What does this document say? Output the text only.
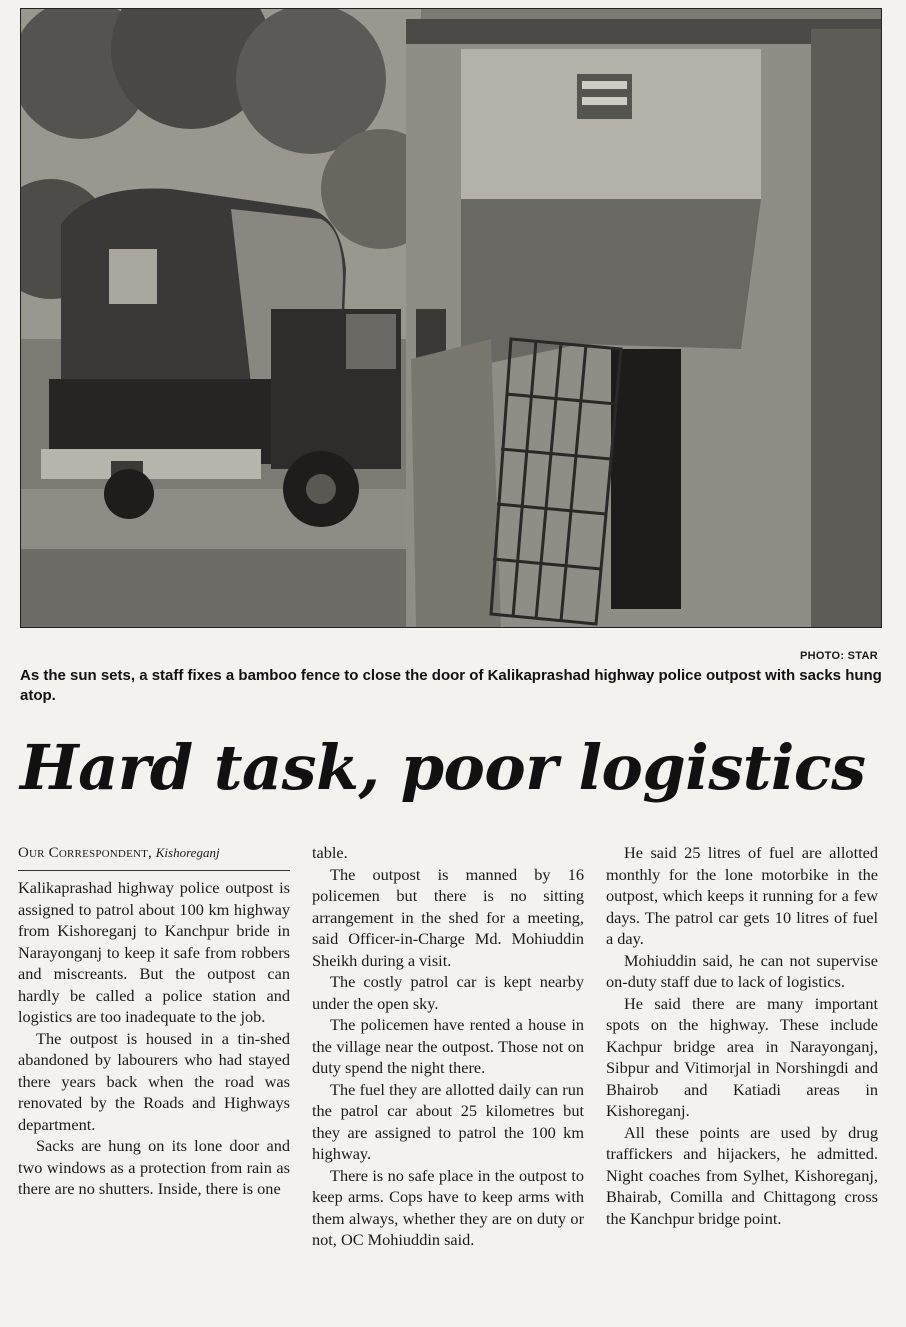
PHOTO: STAR
As the sun sets, a staff fixes a bamboo fence to close the door of Kalikaprashad highway police outpost with sacks hung atop.
Hard task, poor logistics
Our Correspondent, Kishoreganj

Kalikaprashad highway police outpost is assigned to patrol about 100 km highway from Kishoreganj to Kanchpur bride in Narayonganj to keep it safe from robbers and miscreants. But the outpost can hardly be called a police station and logistics are too inadequate to the job.

The outpost is housed in a tin-shed abandoned by labourers who had stayed there years back when the road was renovated by the Roads and Highways department.

Sacks are hung on its lone door and two windows as a protection from rain as there are no shutters. Inside, there is one

table.

The outpost is manned by 16 policemen but there is no sitting arrangement in the shed for a meeting, said Officer-in-Charge Md. Mohiuddin Sheikh during a visit.

The costly patrol car is kept nearby under the open sky.

The policemen have rented a house in the village near the outpost. Those not on duty spend the night there.

The fuel they are allotted daily can run the patrol car about 25 kilometres but they are assigned to patrol the 100 km highway.

There is no safe place in the outpost to keep arms. Cops have to keep arms with them always, whether they are on duty or not, OC Mohiuddin said.

He said 25 litres of fuel are allotted monthly for the lone motorbike in the outpost, which keeps it running for a few days. The patrol car gets 10 litres of fuel a day.

Mohiuddin said, he can not supervise on-duty staff due to lack of logistics.

He said there are many important spots on the highway. These include Kachpur bridge area in Narayonganj, Sibpur and Vitimorjal in Norshingdi and Bhairob and Katiadi areas in Kishoreganj.

All these points are used by drug traffickers and hijackers, he admitted. Night coaches from Sylhet, Kishoreganj, Bhairab, Comilla and Chittagong cross the Kanchpur bridge point.
